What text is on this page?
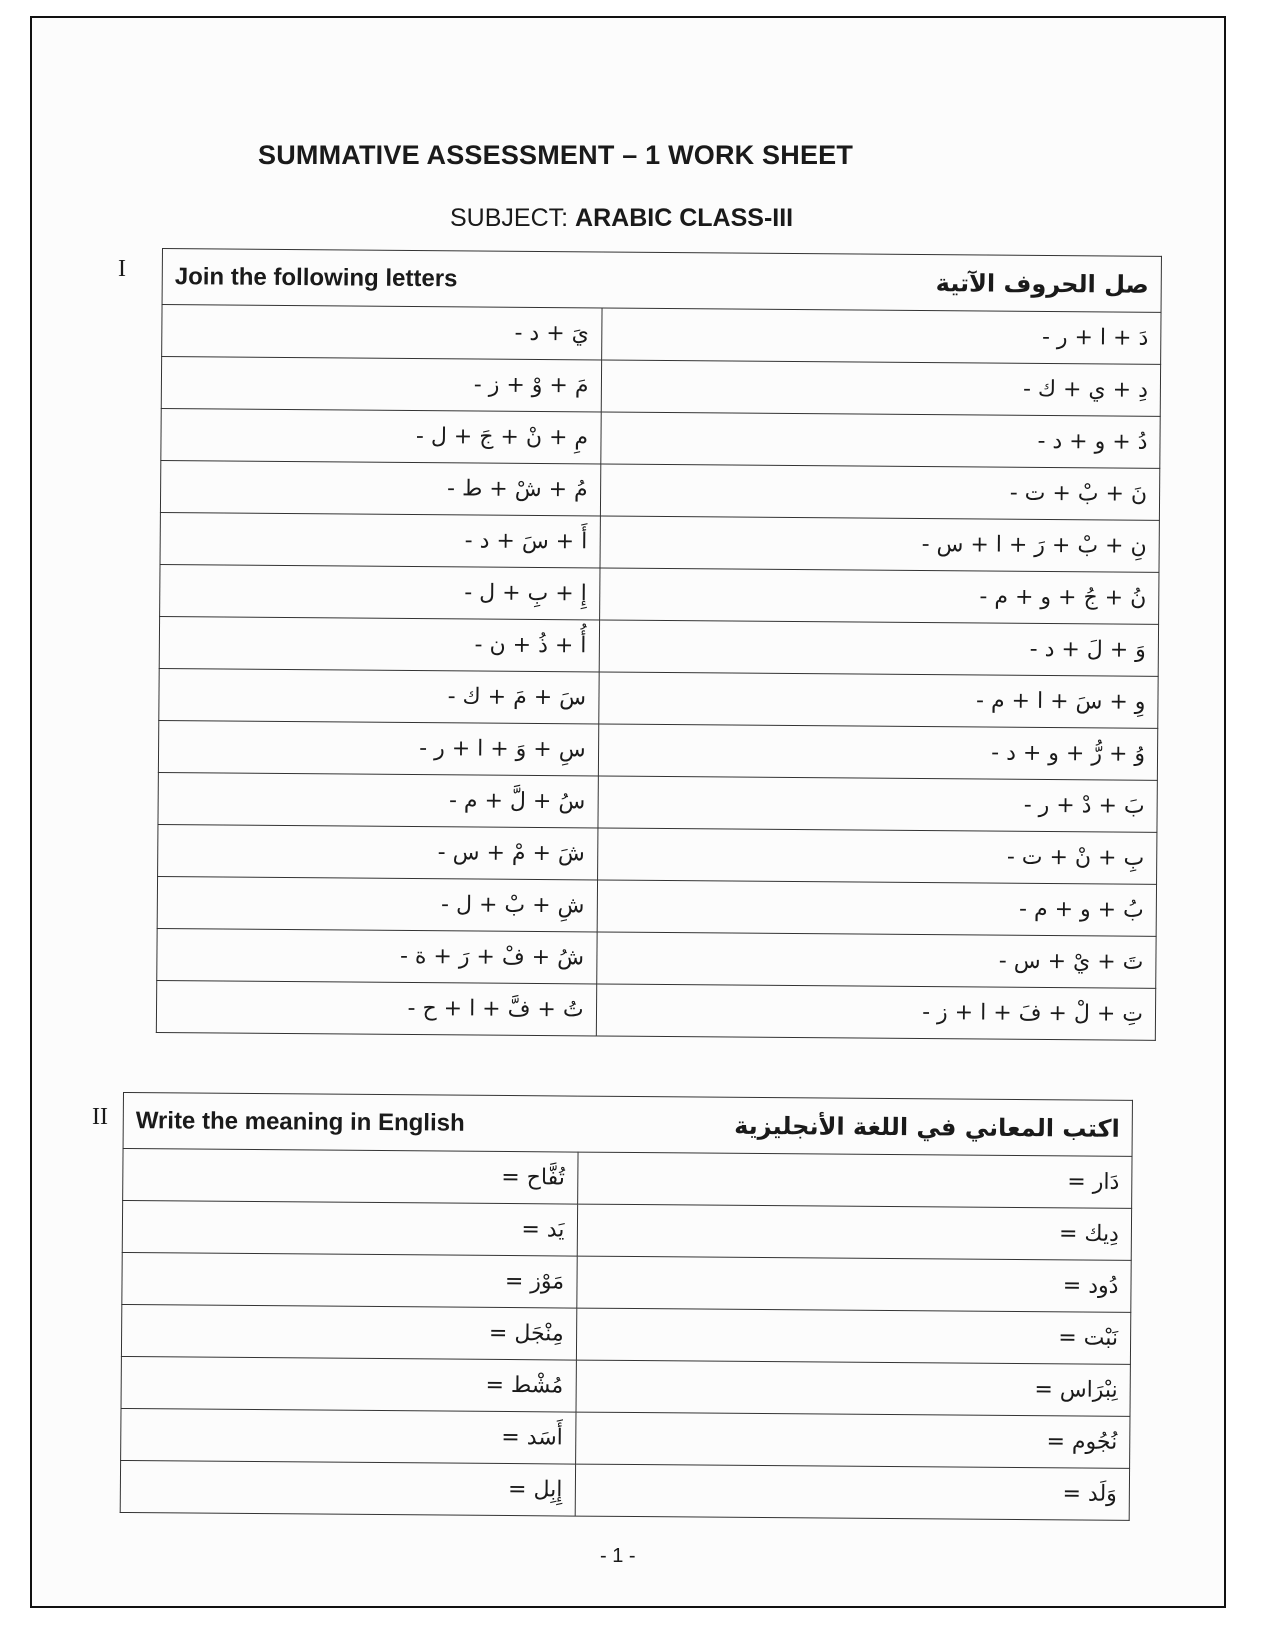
SUMMATIVE ASSESSMENT – 1 WORK SHEET
SUBJECT: ARABIC CLASS-III
I Join the following letters صل الحروف الآتية	

يَ + د -	دَ + ا + ر -
مَ + وْ + ز -	دِ + ي + ك -
مِ + نْ + جَ + ل -	دُ + و + د -
مُ + شْ + ط -	نَ + بْ + ت -
أَ + سَ + د -	نِ + بْ + رَ + ا + س -
إِ + بِ + ل -	نُ + جُ + و + م -
أُ + ذُ + ن -	وَ + لَ + د -
سَ + مَ + ك -	وِ + سَ + ا + م -
سِ + وَ + ا + ر -	وُ + رُّ + و + د -
سُ + لَّ + م -	بَ + دْ + ر -
شَ + مْ + س -	بِ + نْ + ت -
شِ + بْ + ل -	بُ + و + م -
شُ + فْ + رَ + ة -	تَ + يْ + س -
تُ + فَّ + ا + ح -	تِ + لْ + فَ + ا + ز -
II Write the meaning in English اكتب المعاني في اللغة الأنجليزية	

تُفَّاح =	دَار =
يَد =	دِيك =
مَوْز =	دُود =
مِنْجَل =	نَبْت =
مُشْط =	نِبْرَاس =
أَسَد =	نُجُوم =
إِبِل =	وَلَد =
- 1 -
